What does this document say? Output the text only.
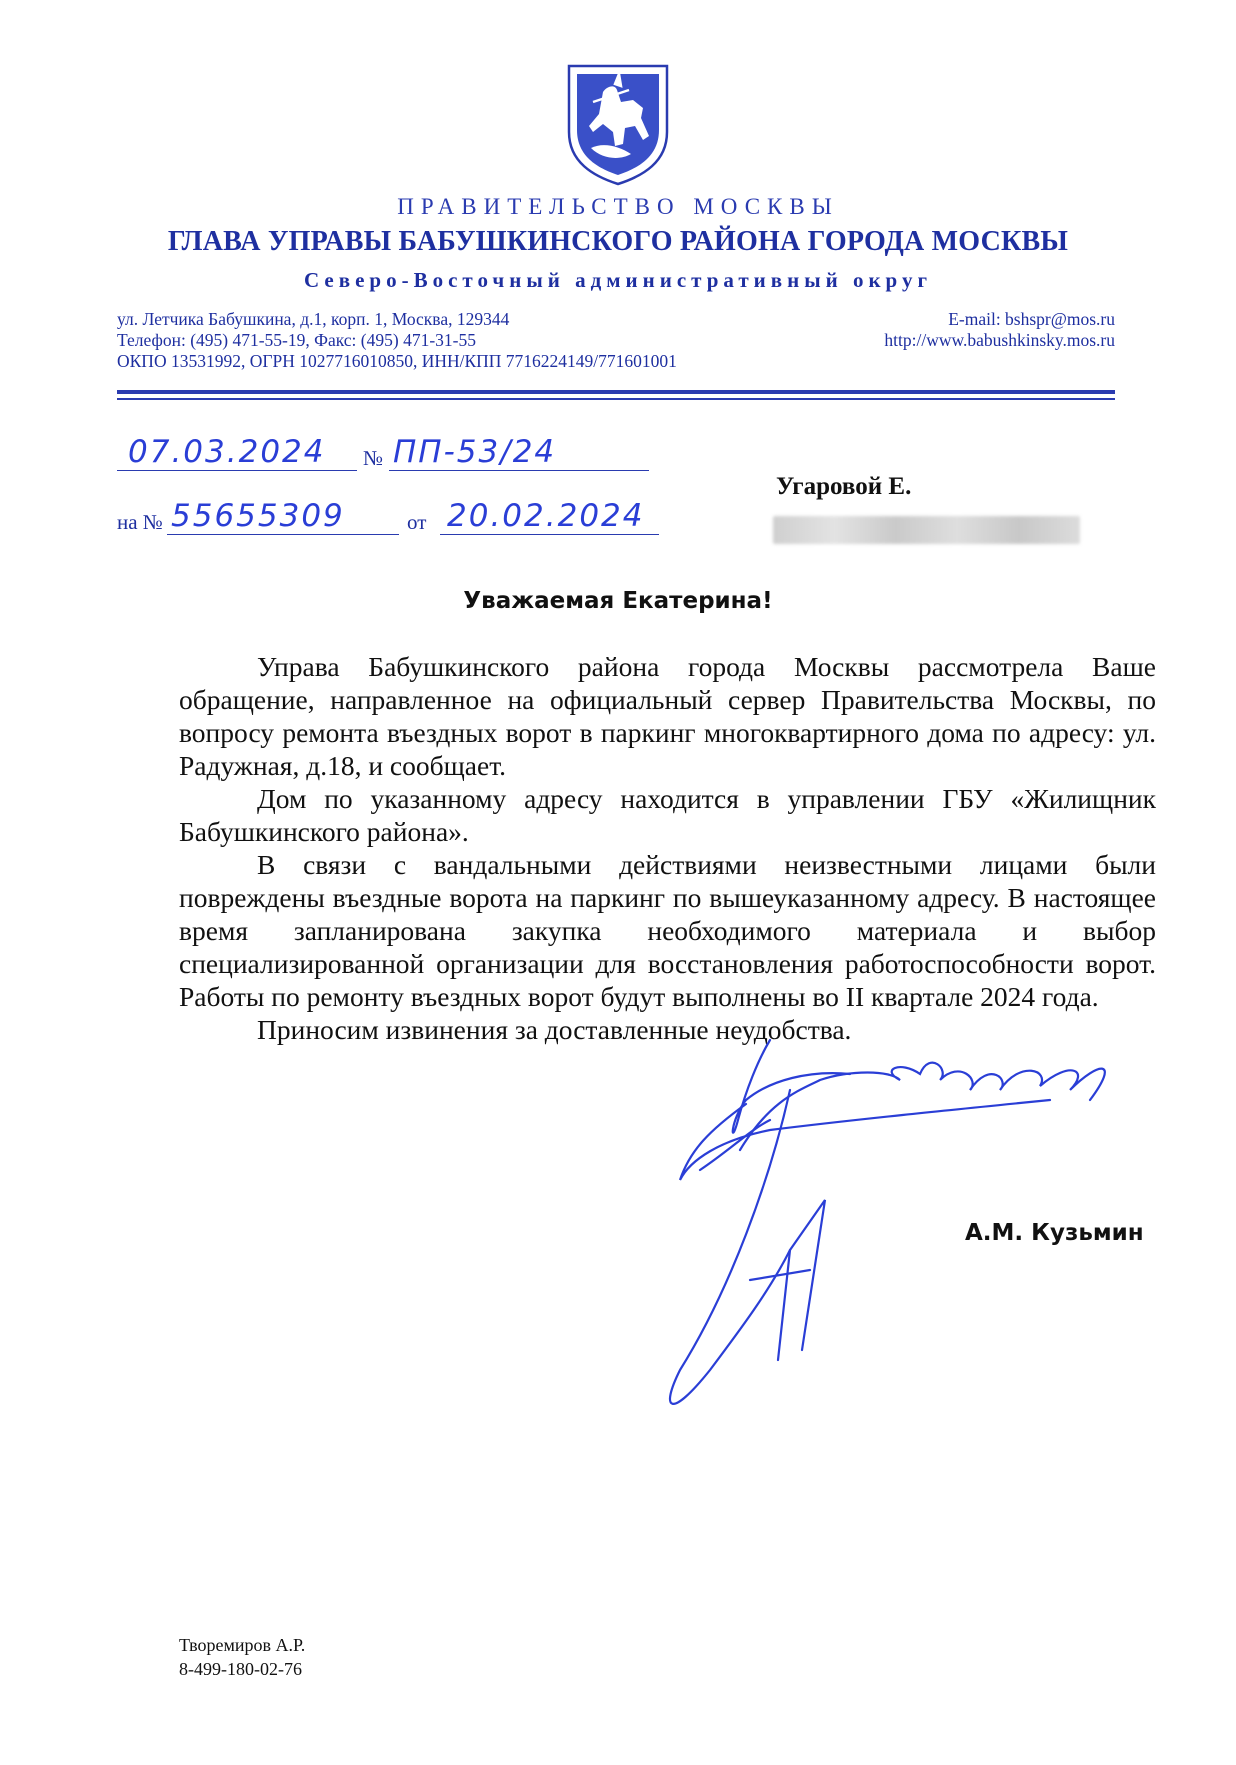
ПРАВИТЕЛЬСТВО МОСКВЫ
ГЛАВА УПРАВЫ БАБУШКИНСКОГО РАЙОНА ГОРОДА МОСКВЫ
Северо-Восточный административный округ
ул. Летчика Бабушкина, д.1, корп. 1, Москва, 129344
Телефон: (495) 471-55-19, Факс: (495) 471-31-55
ОКПО 13531992, ОГРН 1027716010850, ИНН/КПП 7716224149/771601001
E-mail: bshspr@mos.ru
http://www.babushkinsky.mos.ru
07.03.2024 № ПП-53/24
на № 55655309	от 20.02.2024
Угаровой Е.
Уважаемая Екатерина!

Управа Бабушкинского района города Москвы рассмотрела Ваше обращение, направленное на официальный сервер Правительства Москвы, по вопросу ремонта въездных ворот в паркинг многоквартирного дома по адресу: ул. Радужная, д.18, и сообщает.

Дом по указанному адресу находится в управлении ГБУ «Жилищник Бабушкинского района».

В связи с вандальными действиями неизвестными лицами были повреждены въездные ворота на паркинг по вышеуказанному адресу. В настоящее время запланирована закупка необходимого материала и выбор специализированной организации для восстановления работоспособности ворот. Работы по ремонту въездных ворот будут выполнены во II квартале 2024 года.

Приносим извинения за доставленные неудобства.

А.М. Кузьмин
Творемиров А.Р.
8-499-180-02-76
